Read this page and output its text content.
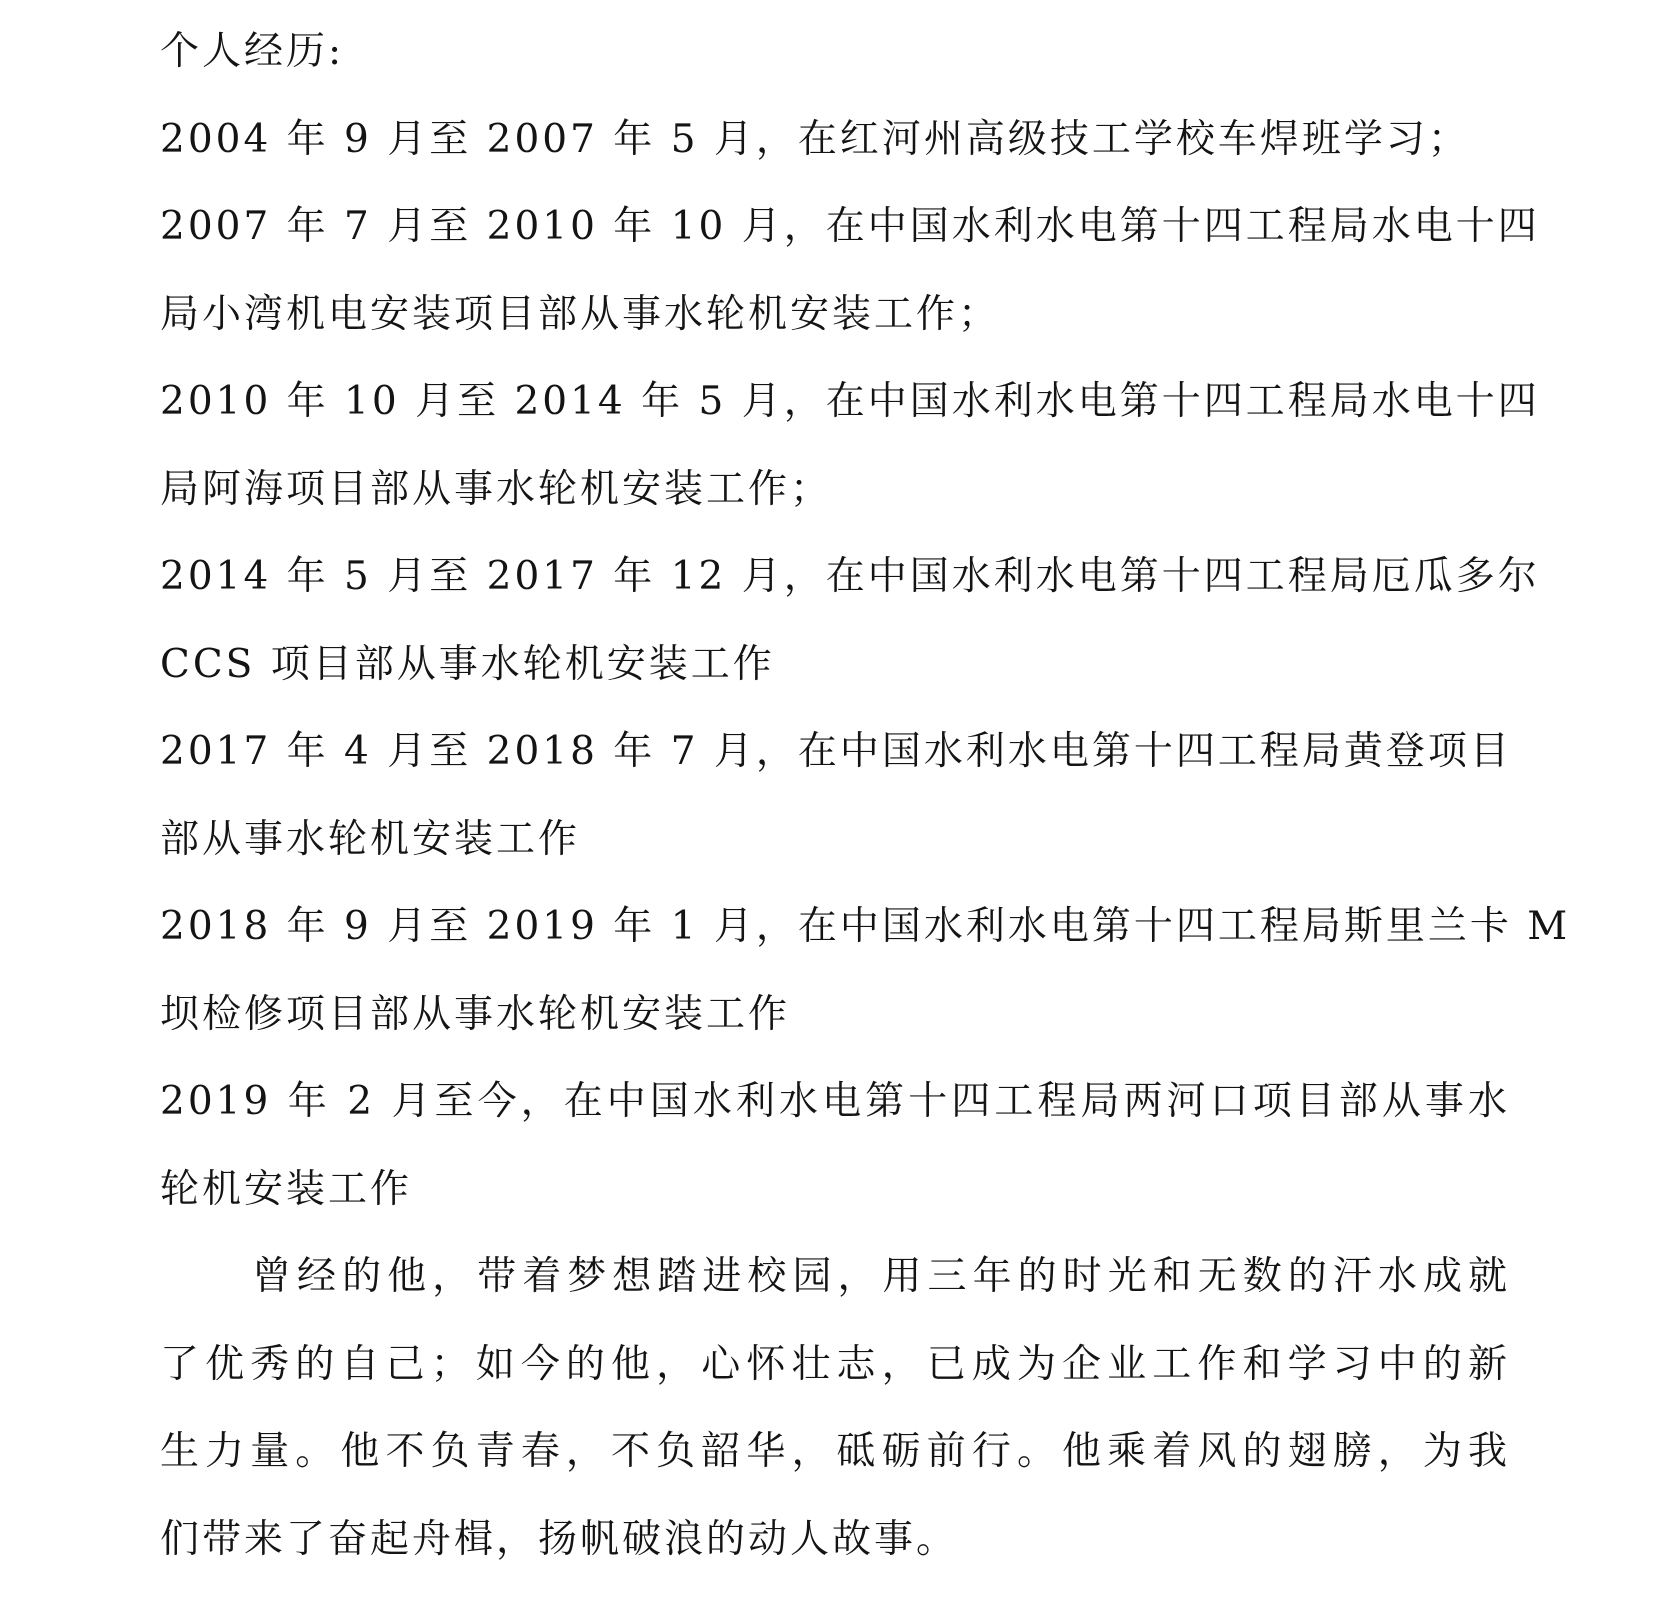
个人经历:
2004 年 9 月至 2007 年 5 月，在红河州高级技工学校车焊班学习；
2007 年 7 月至 2010 年 10 月，在中国水利水电第十四工程局水电十四
局小湾机电安装项目部从事水轮机安装工作；
2010 年 10 月至 2014 年 5 月，在中国水利水电第十四工程局水电十四
局阿海项目部从事水轮机安装工作；
2014 年 5 月至 2017 年 12 月，在中国水利水电第十四工程局厄瓜多尔
CCS 项目部从事水轮机安装工作
2017 年 4 月至 2018 年 7 月，在中国水利水电第十四工程局黄登项目
部从事水轮机安装工作
2018 年 9 月至 2019 年 1 月，在中国水利水电第十四工程局斯里兰卡 M
坝检修项目部从事水轮机安装工作
2019 年 2 月至今，在中国水利水电第十四工程局两河口项目部从事水
轮机安装工作
曾经的他，带着梦想踏进校园，用三年的时光和无数的汗水成就
了优秀的自己；如今的他，心怀壮志，已成为企业工作和学习中的新
生力量。他不负青春，不负韶华，砥砺前行。他乘着风的翅膀，为我
们带来了奋起舟楫，扬帆破浪的动人故事。
